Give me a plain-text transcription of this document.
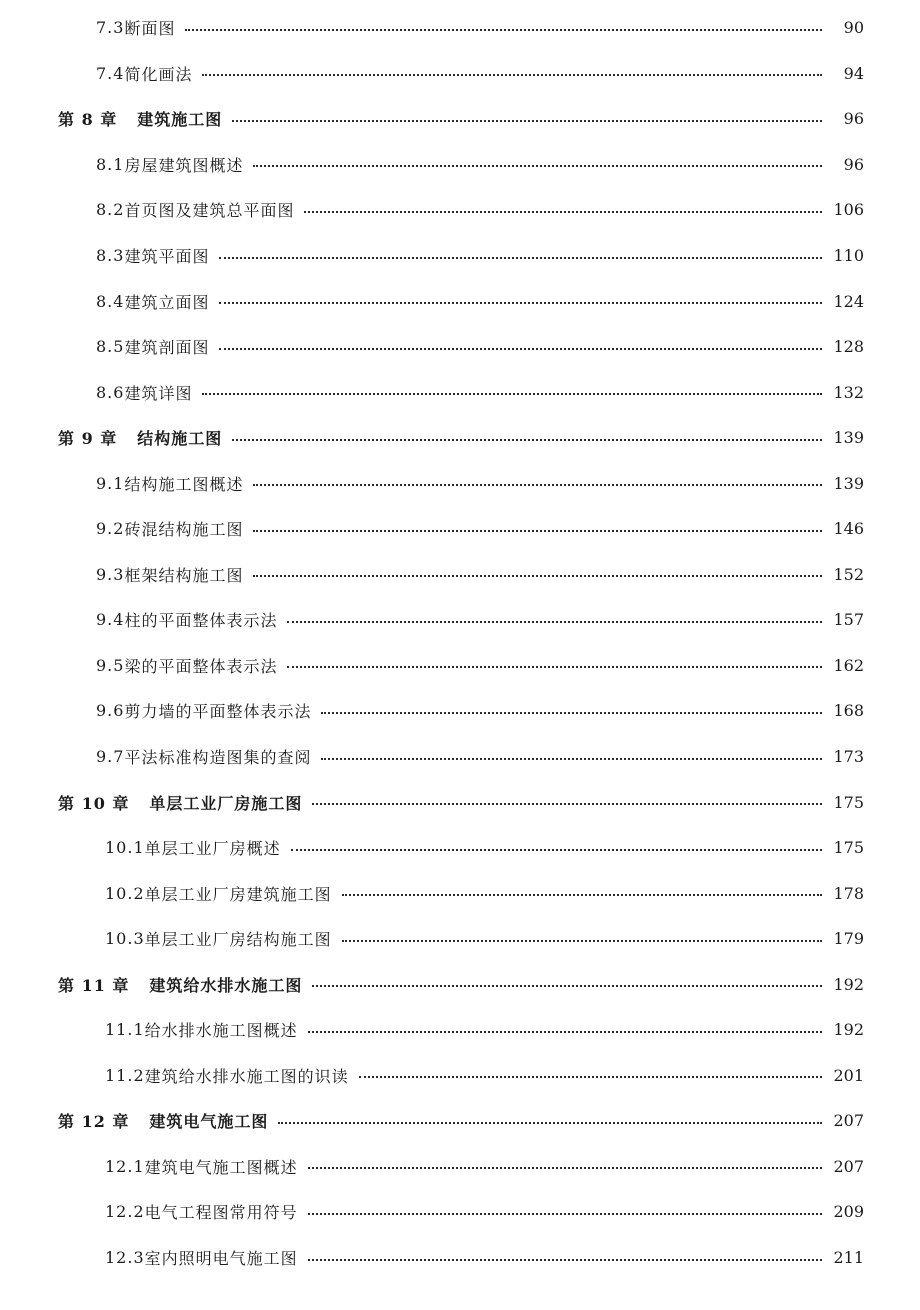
7.3 断面图	90
7.4 简化画法	94
第 8 章 建筑施工图	96
8.1 房屋建筑图概述	96
8.2 首页图及建筑总平面图	106
8.3 建筑平面图	110
8.4 建筑立面图	124
8.5 建筑剖面图	128
8.6 建筑详图	132
第 9 章 结构施工图	139
9.1 结构施工图概述	139
9.2 砖混结构施工图	146
9.3 框架结构施工图	152
9.4 柱的平面整体表示法	157
9.5 梁的平面整体表示法	162
9.6 剪力墙的平面整体表示法	168
9.7 平法标准构造图集的查阅	173
第 10 章 单层工业厂房施工图	175
10.1 单层工业厂房概述	175
10.2 单层工业厂房建筑施工图	178
10.3 单层工业厂房结构施工图	179
第 11 章 建筑给水排水施工图	192
11.1 给水排水施工图概述	192
11.2 建筑给水排水施工图的识读	201
第 12 章 建筑电气施工图	207
12.1 建筑电气施工图概述	207
12.2 电气工程图常用符号	209
12.3 室内照明电气施工图	211
